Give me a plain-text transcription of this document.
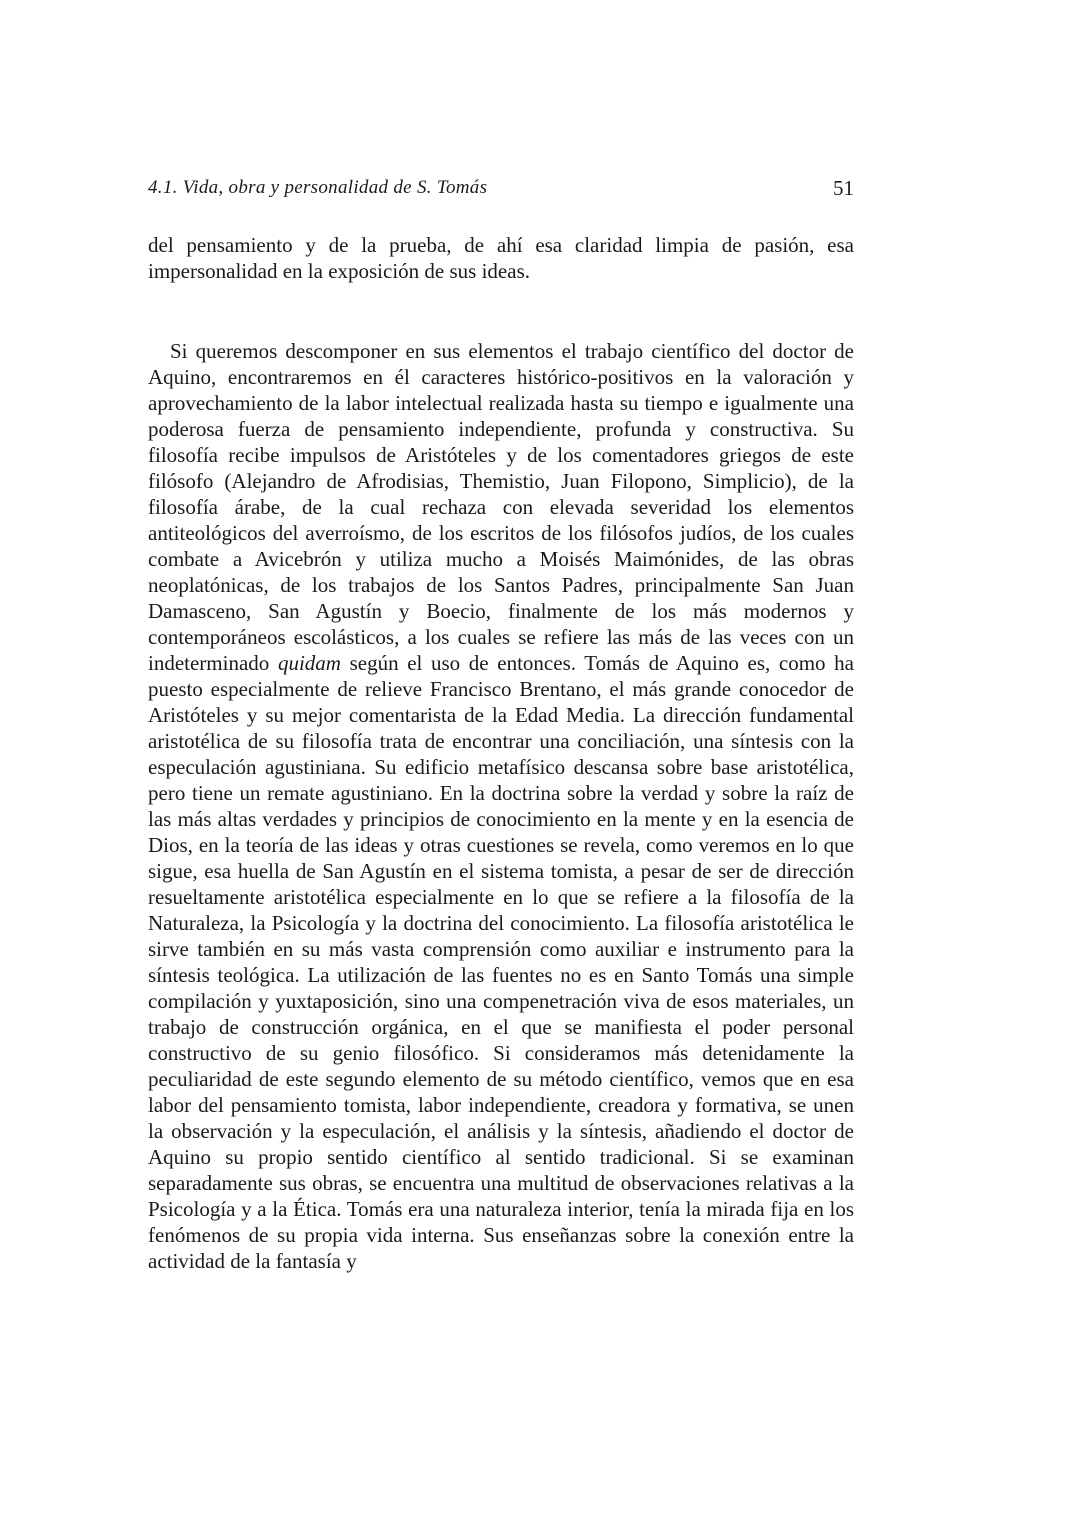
4.1. Vida, obra y personalidad de S. Tomás	51

del pensamiento y de la prueba, de ahí esa claridad limpia de pasión, esa impersonalidad en la exposición de sus ideas.

Si queremos descomponer en sus elementos el trabajo científico del doctor de Aquino, encontraremos en él caracteres histórico-positivos en la valoración y aprovechamiento de la labor intelectual realizada hasta su tiempo e igualmente una poderosa fuerza de pensamiento independiente, profunda y constructiva. Su filosofía recibe impulsos de Aristóteles y de los comentadores griegos de este filósofo (Alejandro de Afrodisias, Themistio, Juan Filopono, Simplicio), de la filosofía árabe, de la cual rechaza con elevada severidad los elementos antiteológicos del averroísmo, de los escritos de los filósofos judíos, de los cuales combate a Avicebrón y utiliza mucho a Moisés Maimónides, de las obras neoplatónicas, de los trabajos de los Santos Padres, principalmente San Juan Damasceno, San Agustín y Boecio, finalmente de los más modernos y contemporáneos escolásticos, a los cuales se refiere las más de las veces con un indeterminado quidam según el uso de entonces. Tomás de Aquino es, como ha puesto especialmente de relieve Francisco Brentano, el más grande conocedor de Aristóteles y su mejor comentarista de la Edad Media. La dirección fundamental aristotélica de su filosofía trata de encontrar una conciliación, una síntesis con la especulación agustiniana. Su edificio metafísico descansa sobre base aristotélica, pero tiene un remate agustiniano. En la doctrina sobre la verdad y sobre la raíz de las más altas verdades y principios de conocimiento en la mente y en la esencia de Dios, en la teoría de las ideas y otras cuestiones se revela, como veremos en lo que sigue, esa huella de San Agustín en el sistema tomista, a pesar de ser de dirección resueltamente aristotélica especialmente en lo que se refiere a la filosofía de la Naturaleza, la Psicología y la doctrina del conocimiento. La filosofía aristotélica le sirve también en su más vasta comprensión como auxiliar e instrumento para la síntesis teológica. La utilización de las fuentes no es en Santo Tomás una simple compilación y yuxtaposición, sino una compenetración viva de esos materiales, un trabajo de construcción orgánica, en el que se manifiesta el poder personal constructivo de su genio filosófico. Si consideramos más detenidamente la peculiaridad de este segundo elemento de su método científico, vemos que en esa labor del pensamiento tomista, labor independiente, creadora y formativa, se unen la observación y la especulación, el análisis y la síntesis, añadiendo el doctor de Aquino su propio sentido científico al sentido tradicional. Si se examinan separadamente sus obras, se encuentra una multitud de observaciones relativas a la Psicología y a la Ética. Tomás era una naturaleza interior, tenía la mirada fija en los fenómenos de su propia vida interna. Sus enseñanzas sobre la conexión entre la actividad de la fantasía y
